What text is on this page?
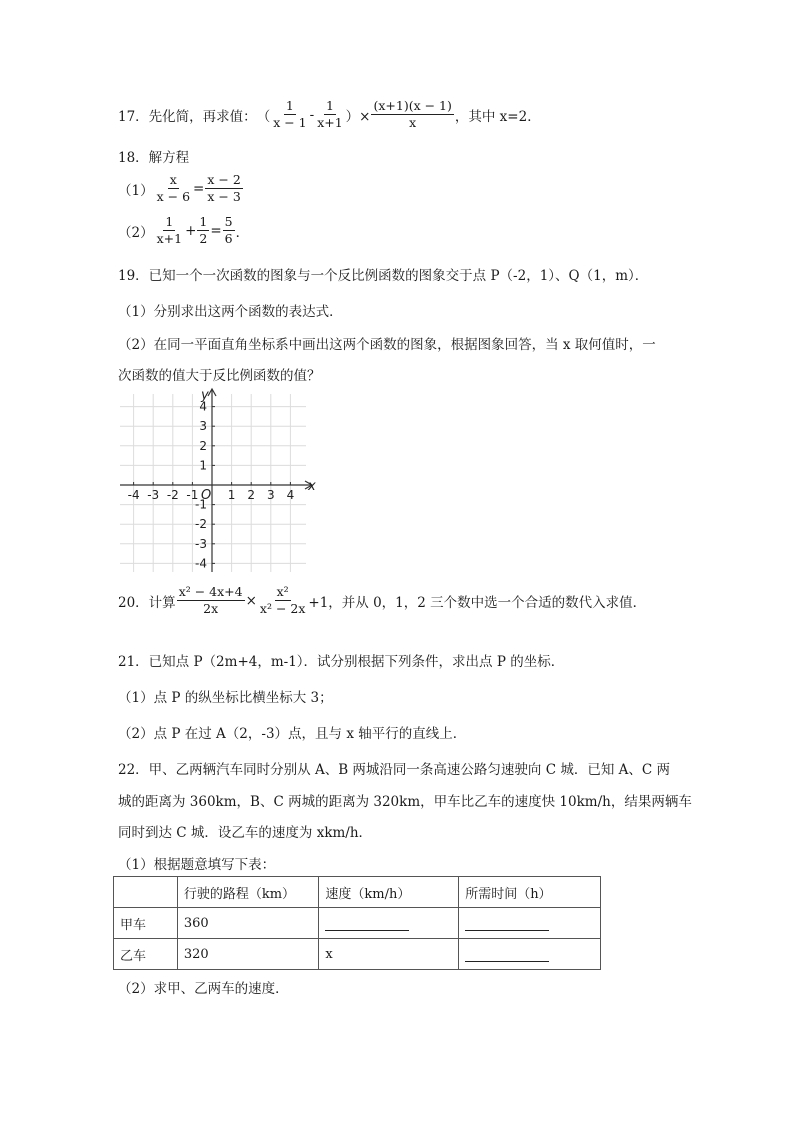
17．先化简，再求值： （ $\frac{1}{x - 1} - \frac{1}{x+1}$ ）× $\frac{(x+1)(x - 1)}{x}$ ，其中 x=2．
18．解方程
$(1) \frac{x}{x - 6} = \frac{x - 2}{x - 3}$
$(2) \frac{1}{x+1} + \frac{1}{2} = \frac{5}{6}$ ．
19．已知一个一次函数的图象与一个反比例函数的图象交于点 P（-2，1）、Q（1，m）．
（1）分别求出这两个函数的表达式．
（2）在同一平面直角坐标系中画出这两个函数的图象，根据图象回答，当 x 取何值时，一
次函数的值大于反比例函数的值？
-4 -3 -2 -1 1 2 3 4
4
3
2
1
-1
-2
-3
-4
x
y
O
20．计算 $\frac{\text{x² − 4x+4}}{2x} \times \frac{\text{x²}}{\text{x² − 2x}} +1$，并从 0，1，2 三个数中选一个合适的数代入求值．
21．已知点 P（2m+4，m-1）．试分别根据下列条件，求出点 P 的坐标．
（1）点 P 的纵坐标比横坐标大 3；
（2）点 P 在过 A（2，-3）点，且与 x 轴平行的直线上．
22．甲、乙两辆汽车同时分别从 A、B 两城沿同一条高速公路匀速驶向 C 城．已知 A、C 两
城的距离为 360km，B、C 两城的距离为 320km，甲车比乙车的速度快 10km/h，结果两辆车
同时到达 C 城．设乙车的速度为 xkm/h．
（1）根据题意填写下表：
	行驶的路程（km）	速度（km/h）	所需时间（h）
甲车	360		
乙车	320	x	
（2）求甲、乙两车的速度．
